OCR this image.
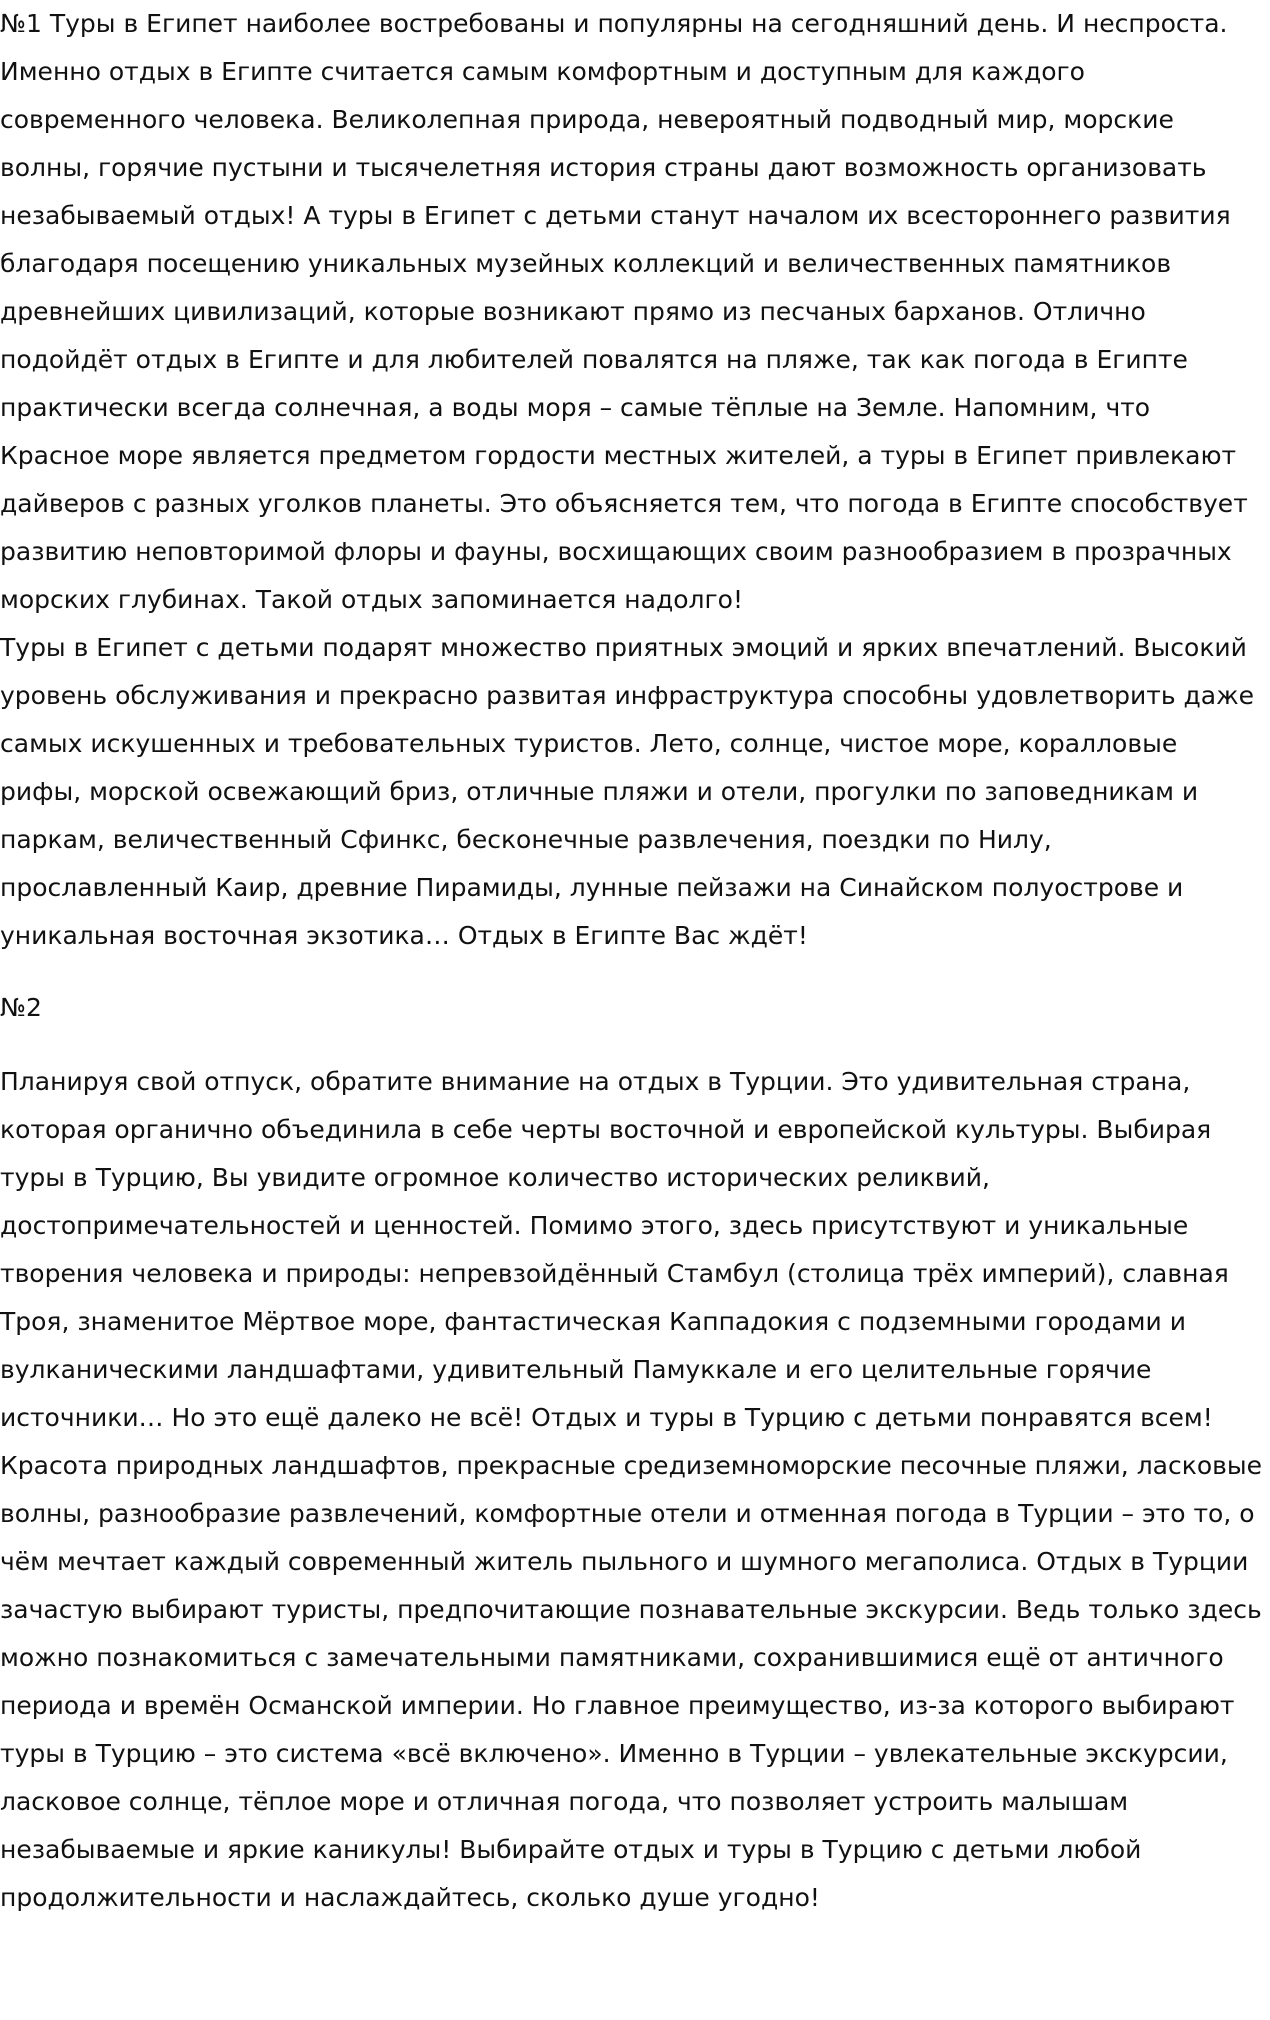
№1 Туры в Египет наиболее востребованы и популярны на сегодняшний день. И неспроста. Именно отдых в Египте считается самым комфортным и доступным для каждого современного человека. Великолепная природа, невероятный подводный мир, морские волны, горячие пустыни и тысячелетняя история страны дают возможность организовать незабываемый отдых! А туры в Египет с детьми станут началом их всестороннего развития благодаря посещению уникальных музейных коллекций и величественных памятников древнейших цивилизаций, которые возникают прямо из песчаных барханов. Отлично подойдёт отдых в Египте и для любителей повалятся на пляже, так как погода в Египте практически всегда солнечная, а воды моря – самые тёплые на Земле. Напомним, что Красное море является предметом гордости местных жителей, а туры в Египет привлекают дайверов с разных уголков планеты. Это объясняется тем, что погода в Египте способствует развитию неповторимой флоры и фауны, восхищающих своим разнообразием в прозрачных морских глубинах. Такой отдых запоминается надолго!

Туры в Египет с детьми подарят множество приятных эмоций и ярких впечатлений. Высокий уровень обслуживания и прекрасно развитая инфраструктура способны удовлетворить даже самых искушенных и требовательных туристов. Лето, солнце, чистое море, коралловые рифы, морской освежающий бриз, отличные пляжи и отели, прогулки по заповедникам и паркам, величественный Сфинкс, бесконечные развлечения, поездки по Нилу, прославленный Каир, древние Пирамиды, лунные пейзажи на Синайском полуострове и уникальная восточная экзотика… Отдых в Египте Вас ждёт!

№2

Планируя свой отпуск, обратите внимание на отдых в Турции. Это удивительная страна, которая органично объединила в себе черты восточной и европейской культуры. Выбирая туры в Турцию, Вы увидите огромное количество исторических реликвий, достопримечательностей и ценностей. Помимо этого, здесь присутствуют и уникальные творения человека и природы: непревзойдённый Стамбул (столица трёх империй), славная Троя, знаменитое Мёртвое море, фантастическая Каппадокия с подземными городами и вулканическими ландшафтами, удивительный Памуккале и его целительные горячие источники… Но это ещё далеко не всё! Отдых и туры в Турцию с детьми понравятся всем! Красота природных ландшафтов, прекрасные средиземноморские песочные пляжи, ласковые волны, разнообразие развлечений, комфортные отели и отменная погода в Турции – это то, о чём мечтает каждый современный житель пыльного и шумного мегаполиса. Отдых в Турции зачастую выбирают туристы, предпочитающие познавательные экскурсии. Ведь только здесь можно познакомиться с замечательными памятниками, сохранившимися ещё от античного периода и времён Османской империи. Но главное преимущество, из-за которого выбирают туры в Турцию – это система «всё включено». Именно в Турции – увлекательные экскурсии, ласковое солнце, тёплое море и отличная погода, что позволяет устроить малышам незабываемые и яркие каникулы! Выбирайте отдых и туры в Турцию с детьми любой продолжительности и наслаждайтесь, сколько душе угодно!
